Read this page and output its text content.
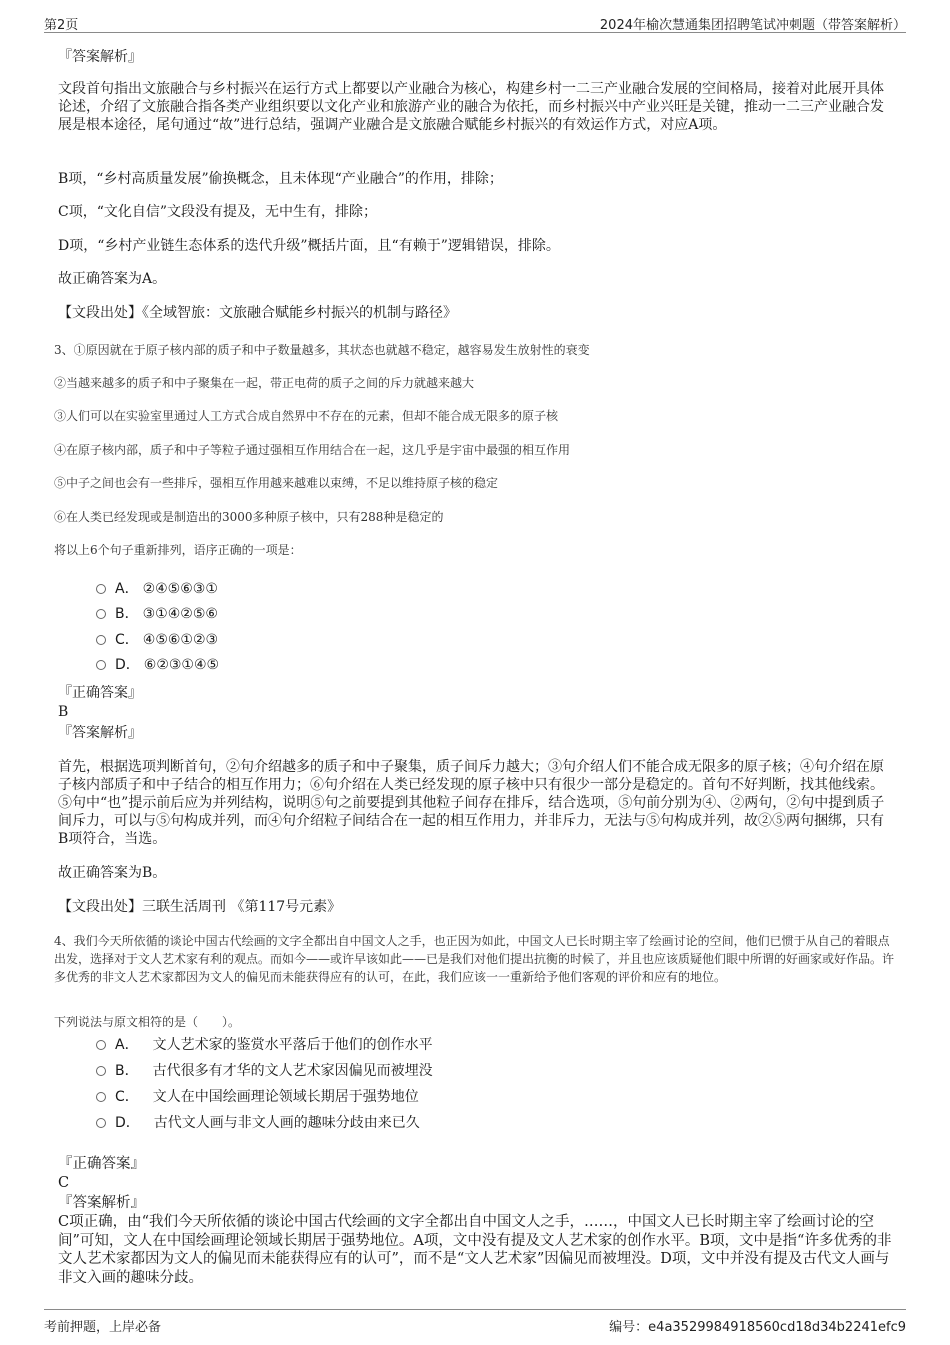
第2页	2024年榆次慧通集团招聘笔试冲刺题（带答案解析）
『答案解析』
文段首句指出文旅融合与乡村振兴在运行方式上都要以产业融合为核心，构建乡村一二三产业融合发展的空间格局，接着对此展开具体论述，介绍了文旅融合指各类产业组织要以文化产业和旅游产业的融合为依托，而乡村振兴中产业兴旺是关键，推动一二三产业融合发展是根本途径，尾句通过“故”进行总结，强调产业融合是文旅融合赋能乡村振兴的有效运作方式，对应A项。
B项，“乡村高质量发展”偷换概念，且未体现“产业融合”的作用，排除；
C项，“文化自信”文段没有提及，无中生有，排除；
D项，“乡村产业链生态体系的迭代升级”概括片面，且“有赖于”逻辑错误，排除。
故正确答案为A。
【文段出处】《全域智旅：文旅融合赋能乡村振兴的机制与路径》
3、①原因就在于原子核内部的质子和中子数量越多，其状态也就越不稳定，越容易发生放射性的衰变
②当越来越多的质子和中子聚集在一起，带正电荷的质子之间的斥力就越来越大
③人们可以在实验室里通过人工方式合成自然界中不存在的元素，但却不能合成无限多的原子核
④在原子核内部，质子和中子等粒子通过强相互作用结合在一起，这几乎是宇宙中最强的相互作用
⑤中子之间也会有一些排斥，强相互作用越来越难以束缚，不足以维持原子核的稳定
⑥在人类已经发现或是制造出的3000多种原子核中，只有288种是稳定的
将以上6个句子重新排列，语序正确的一项是：
A． ②④⑤⑥③①
B． ③①④②⑤⑥
C． ④⑤⑥①②③
D． ⑥②③①④⑤
『正确答案』
B
『答案解析』
首先，根据选项判断首句，②句介绍越多的质子和中子聚集，质子间斥力越大；③句介绍人们不能合成无限多的原子核；④句介绍在原子核内部质子和中子结合的相互作用力；⑥句介绍在人类已经发现的原子核中只有很少一部分是稳定的。首句不好判断，找其他线索。⑤句中“也”提示前后应为并列结构，说明⑤句之前要提到其他粒子间存在排斥，结合选项，⑤句前分别为④、②两句，②句中提到质子间斥力，可以与⑤句构成并列，而④句介绍粒子间结合在一起的相互作用力，并非斥力，无法与⑤句构成并列，故②⑤两句捆绑，只有B项符合，当选。
故正确答案为B。
【文段出处】三联生活周刊 《第117号元素》
4、我们今天所依循的谈论中国古代绘画的文字全都出自中国文人之手，也正因为如此，中国文人已长时期主宰了绘画讨论的空间，他们已惯于从自己的着眼点出发，选择对于文人艺术家有利的观点。而如今——或许早该如此——已是我们对他们提出抗衡的时候了，并且也应该质疑他们眼中所谓的好画家或好作品。许多优秀的非文人艺术家都因为文人的偏见而未能获得应有的认可，在此，我们应该一一重新给予他们客观的评价和应有的地位。
下列说法与原文相符的是（　　）。
A． 文人艺术家的鉴赏水平落后于他们的创作水平
B． 古代很多有才华的文人艺术家因偏见而被埋没
C． 文人在中国绘画理论领域长期居于强势地位
D． 古代文人画与非文人画的趣味分歧由来已久
『正确答案』
C
『答案解析』
C项正确，由“我们今天所依循的谈论中国古代绘画的文字全都出自中国文人之手，……，中国文人已长时期主宰了绘画讨论的空间”可知，文人在中国绘画理论领域长期居于强势地位。A项，文中没有提及文人艺术家的创作水平。B项，文中是指“许多优秀的非文人艺术家都因为文人的偏见而未能获得应有的认可”，而不是“文人艺术家”因偏见而被埋没。D项，文中并没有提及古代文人画与非文入画的趣味分歧。
考前押题，上岸必备	编号：e4a3529984918560cd18d34b2241efc9
